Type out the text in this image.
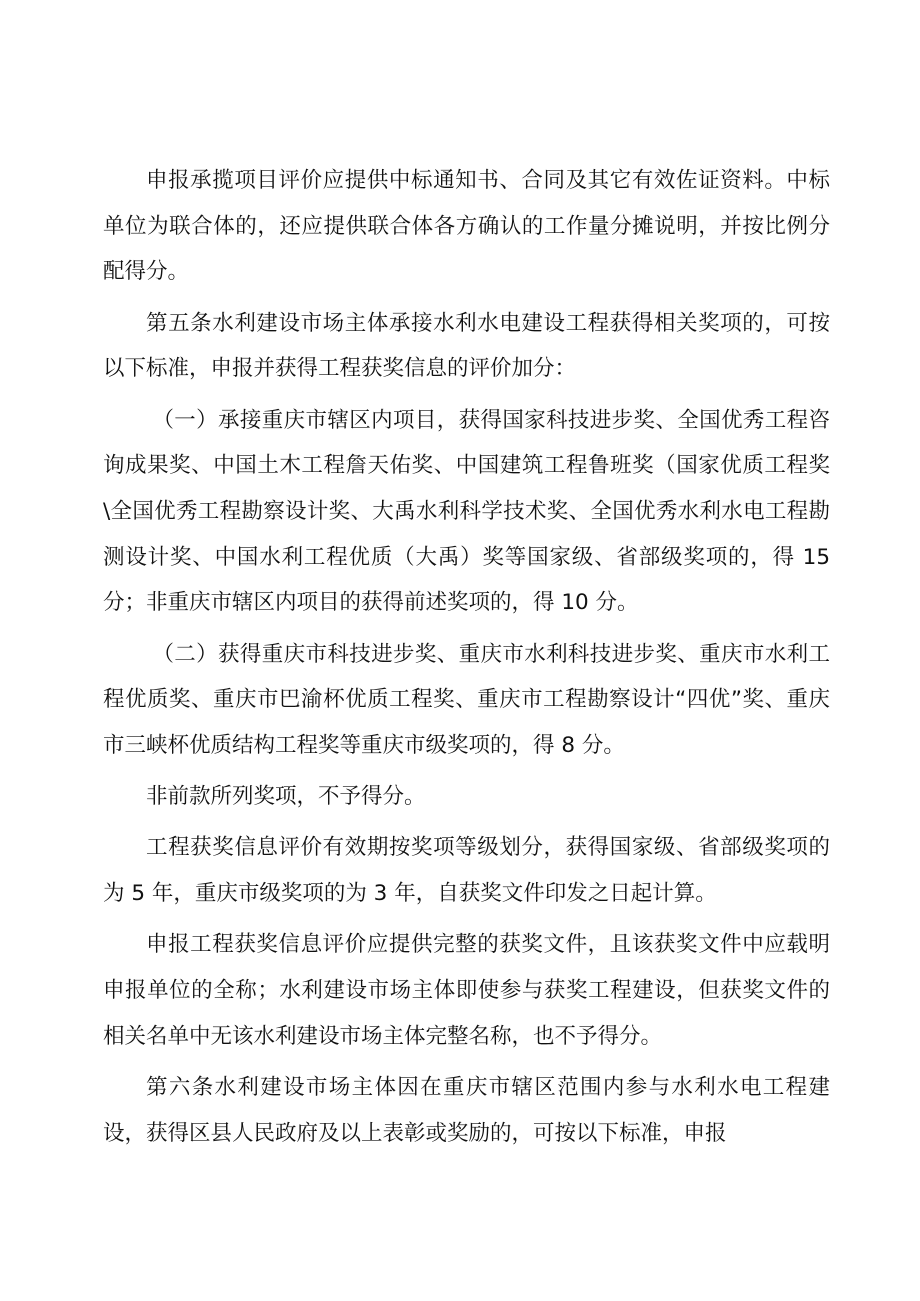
申报承揽项目评价应提供中标通知书、合同及其它有效佐证资料。中标单位为联合体的，还应提供联合体各方确认的工作量分摊说明，并按比例分配得分。

第五条水利建设市场主体承接水利水电建设工程获得相关奖项的，可按以下标准，申报并获得工程获奖信息的评价加分：

（一）承接重庆市辖区内项目，获得国家科技进步奖、全国优秀工程咨询成果奖、中国土木工程詹天佑奖、中国建筑工程鲁班奖（国家优质工程奖\全国优秀工程勘察设计奖、大禹水利科学技术奖、全国优秀水利水电工程勘测设计奖、中国水利工程优质（大禹）奖等国家级、省部级奖项的，得 15 分；非重庆市辖区内项目的获得前述奖项的，得 10 分。

（二）获得重庆市科技进步奖、重庆市水利科技进步奖、重庆市水利工程优质奖、重庆市巴渝杯优质工程奖、重庆市工程勘察设计“四优”奖、重庆市三峡杯优质结构工程奖等重庆市级奖项的，得 8 分。

非前款所列奖项，不予得分。

工程获奖信息评价有效期按奖项等级划分，获得国家级、省部级奖项的为 5 年，重庆市级奖项的为 3 年，自获奖文件印发之日起计算。

申报工程获奖信息评价应提供完整的获奖文件，且该获奖文件中应载明申报单位的全称；水利建设市场主体即使参与获奖工程建设，但获奖文件的相关名单中无该水利建设市场主体完整名称，也不予得分。

第六条水利建设市场主体因在重庆市辖区范围内参与水利水电工程建设，获得区县人民政府及以上表彰或奖励的，可按以下标准，申报
